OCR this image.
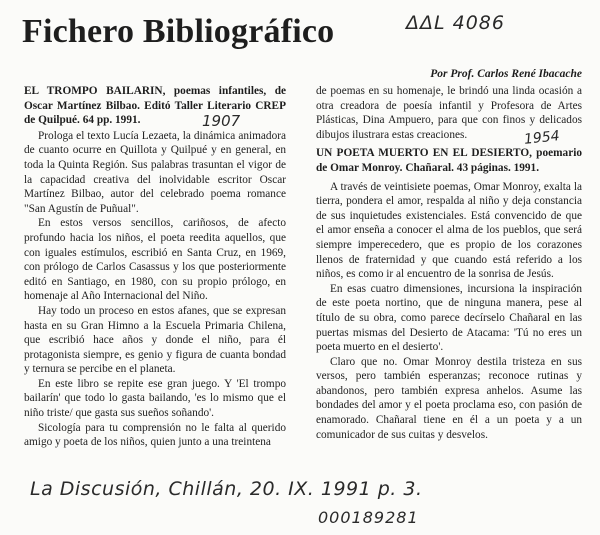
Fichero Bibliográfico	ΔΔL 4086
Por Prof. Carlos René Ibacache

EL TROMPO BAILARIN, poemas infantiles, de Oscar Martínez Bilbao. Editó Taller Literario CREP de Quilpué. 64 pp. 1991.

Prologa el texto Lucía Lezaeta, la dinámica animadora de cuanto ocurre en Quillota y Quilpué y en general, en toda la Quinta Región. Sus palabras trasuntan el vigor de la capacidad creativa del inolvidable escritor Oscar Martínez Bilbao, autor del celebrado poema romance "San Agustín de Puñual".

En estos versos sencillos, cariñosos, de afecto profundo hacia los niños, el poeta reedita aquellos, que con iguales estímulos, escribió en Santa Cruz, en 1969, con prólogo de Carlos Casassus y los que posteriormente editó en Santiago, en 1980, con su propio prólogo, en homenaje al Año Internacional del Niño.

Hay todo un proceso en estos afanes, que se expresan hasta en su Gran Himno a la Escuela Primaria Chilena, que escribió hace años y donde el niño, para él protagonista siempre, es genio y figura de cuanta bondad y ternura se percibe en el planeta.

En este libro se repite ese gran juego. Y 'El trompo bailarín' que todo lo gasta bailando, 'es lo mismo que el niño triste/ que gasta sus sueños soñando'.

Sicología para tu comprensión no le falta al querido amigo y poeta de los niños, quien junto a una treintena

1907

de poemas en su homenaje, le brindó una linda ocasión a otra creadora de poesía infantil y Profesora de Artes Plásticas, Dina Ampuero, para que con finos y delicados dibujos ilustrara estas creaciones.

UN POETA MUERTO EN EL DESIERTO, poemario de Omar Monroy. Chañaral. 43 páginas. 1991.

A través de veintisiete poemas, Omar Monroy, exalta la tierra, pondera el amor, respalda al niño y deja constancia de sus inquietudes existenciales. Está convencido de que el amor enseña a conocer el alma de los pueblos, que será siempre imperecedero, que es propio de los corazones llenos de fraternidad y que cuando está referido a los niños, es como ir al encuentro de la sonrisa de Jesús.

En esas cuatro dimensiones, incursiona la inspiración de este poeta nortino, que de ninguna manera, pese al título de su obra, como parece decírselo Chañaral en las puertas mismas del Desierto de Atacama: 'Tú no eres un poeta muerto en el desierto'.

Claro que no. Omar Monroy destila tristeza en sus versos, pero también esperanzas; reconoce rutinas y abandonos, pero también expresa anhelos. Asume las bondades del amor y el poeta proclama eso, con pasión de enamorado. Chañaral tiene en él a un poeta y a un comunicador de sus cuitas y desvelos.

1954
La Discusión, Chillán, 20. IX. 1991 p. 3.
000189281
